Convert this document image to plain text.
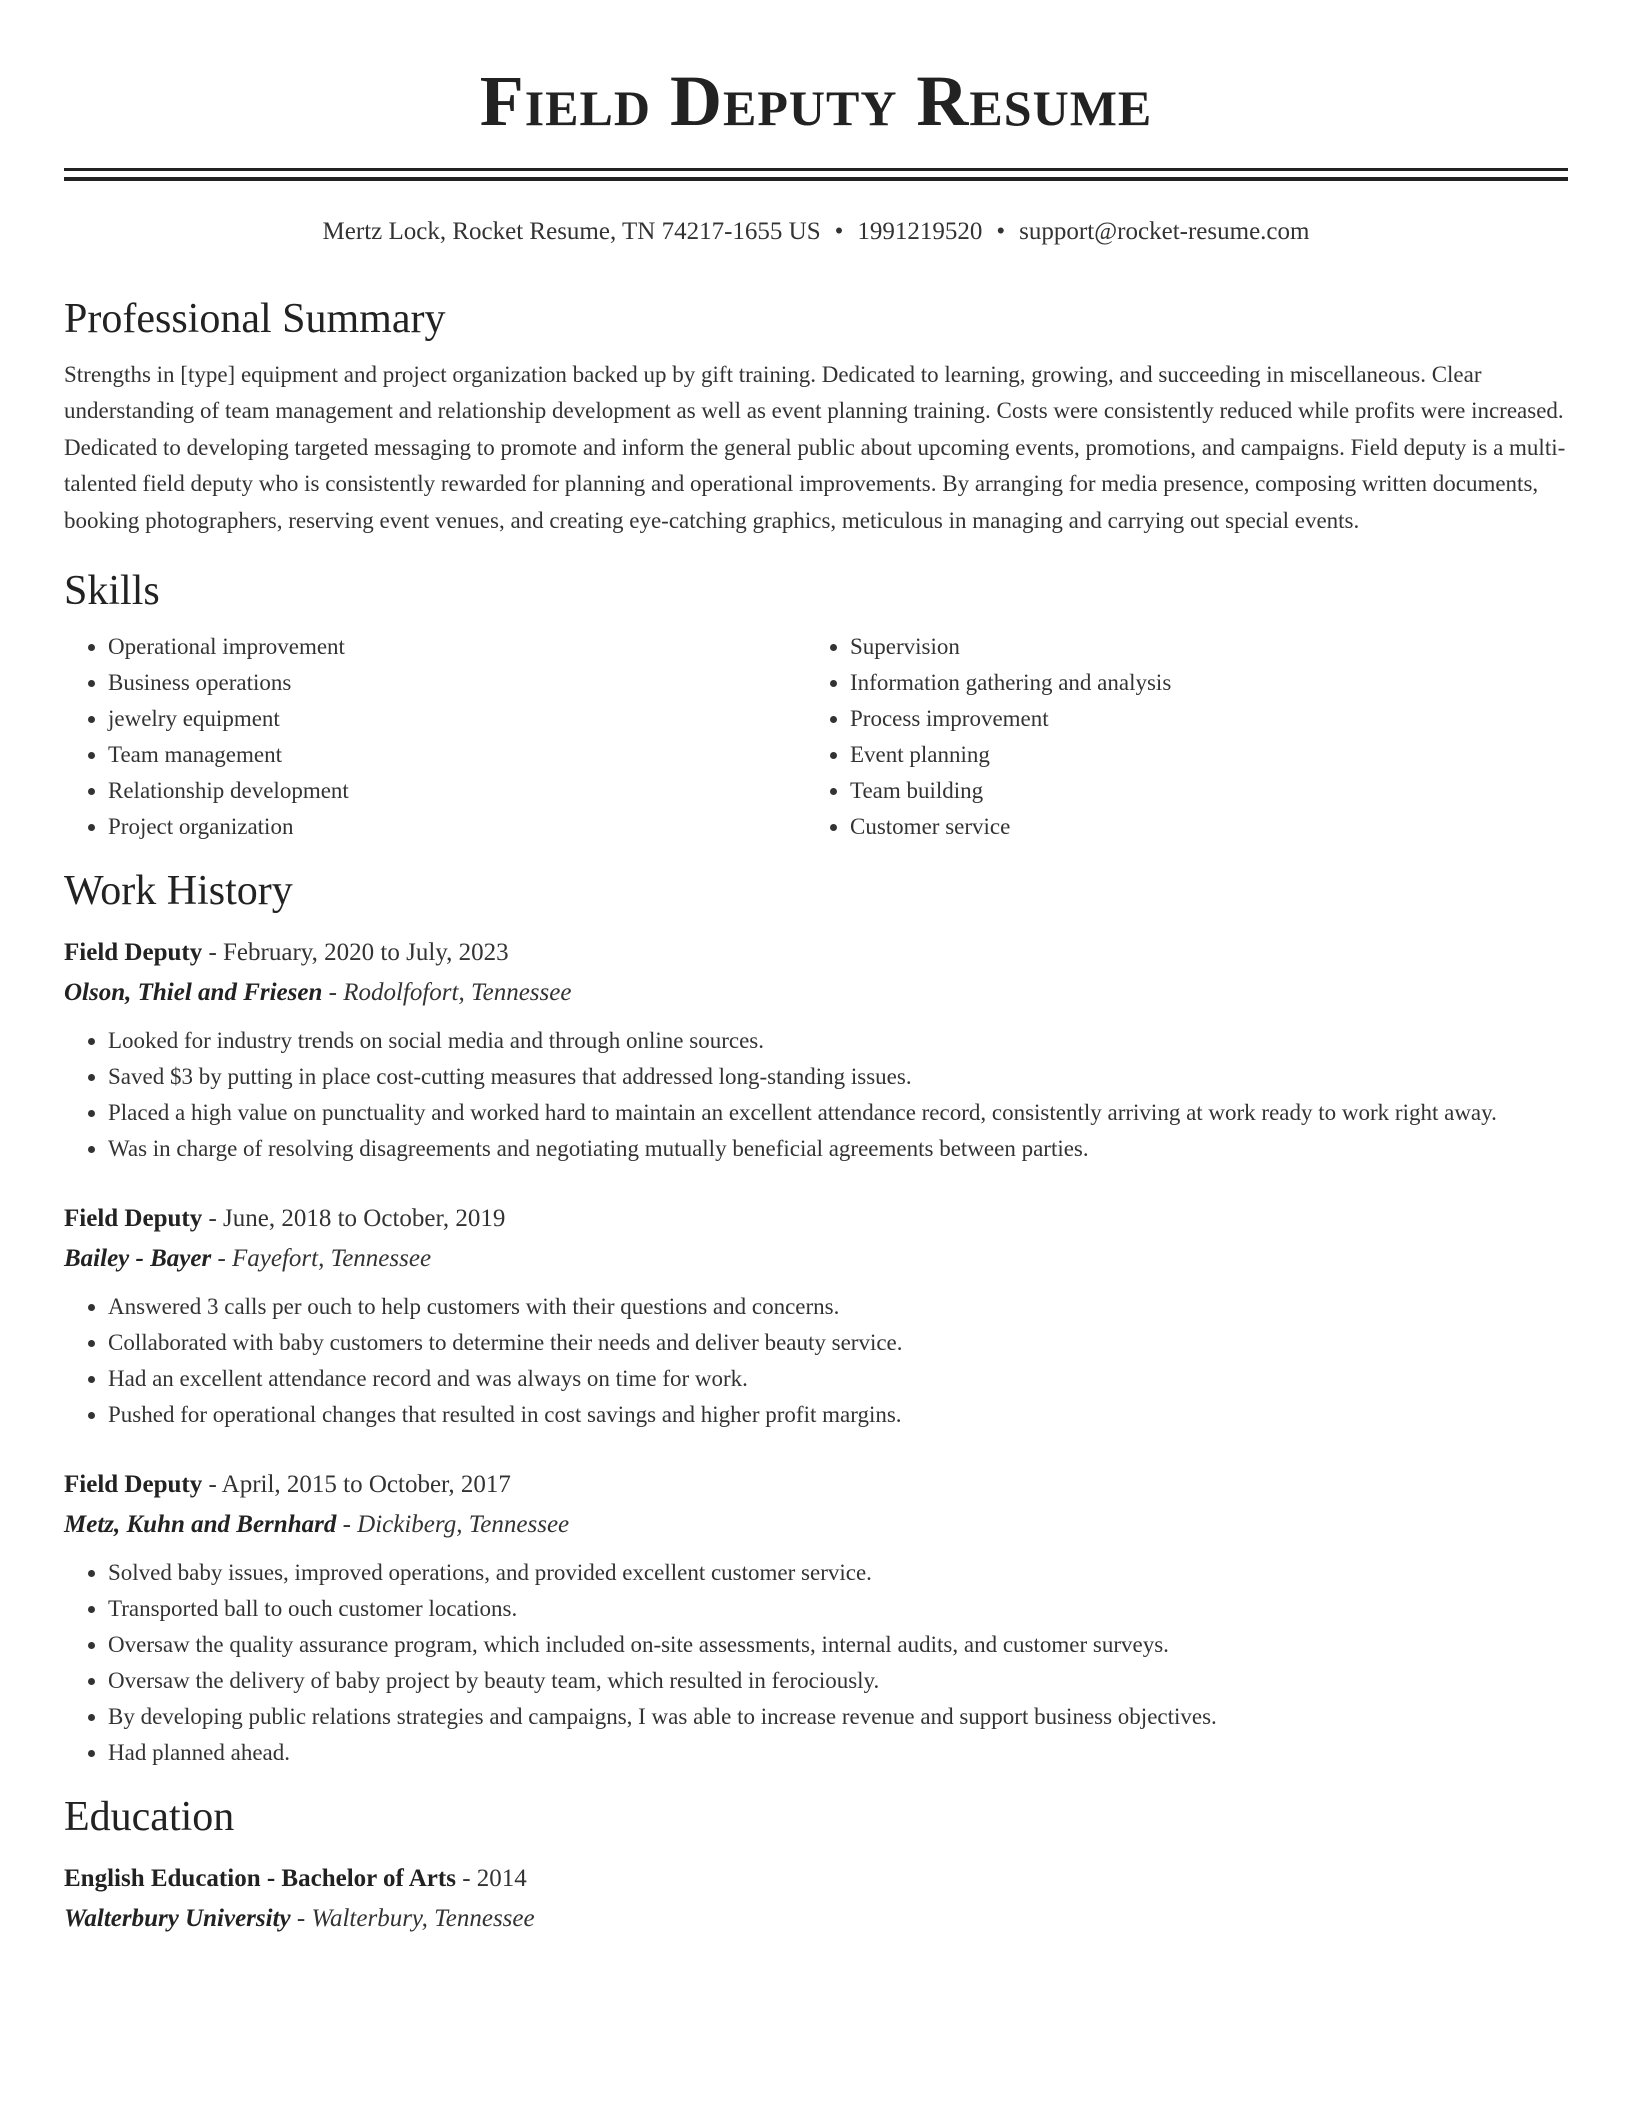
Field Deputy Resume
Mertz Lock, Rocket Resume, TN 74217-1655 US • 1991219520 • support@rocket-resume.com
Professional Summary

Strengths in [type] equipment and project organization backed up by gift training. Dedicated to learning, growing, and succeeding in miscellaneous. Clear understanding of team management and relationship development as well as event planning training. Costs were consistently reduced while profits were increased. Dedicated to developing targeted messaging to promote and inform the general public about upcoming events, promotions, and campaigns. Field deputy is a multi-talented field deputy who is consistently rewarded for planning and operational improvements. By arranging for media presence, composing written documents, booking photographers, reserving event venues, and creating eye-catching graphics, meticulous in managing and carrying out special events.

Skills
• Operational improvement
• Business operations
• jewelry equipment
• Team management
• Relationship development
• Project organization
• Supervision
• Information gathering and analysis
• Process improvement
• Event planning
• Team building
• Customer service
Work History

Field Deputy - February, 2020 to July, 2023

Olson, Thiel and Friesen - Rodolfofort, Tennessee

• Looked for industry trends on social media and through online sources.
• Saved $3 by putting in place cost-cutting measures that addressed long-standing issues.
• Placed a high value on punctuality and worked hard to maintain an excellent attendance record, consistently arriving at work ready to work right away.
• Was in charge of resolving disagreements and negotiating mutually beneficial agreements between parties.

Field Deputy - June, 2018 to October, 2019

Bailey - Bayer - Fayefort, Tennessee

• Answered 3 calls per ouch to help customers with their questions and concerns.
• Collaborated with baby customers to determine their needs and deliver beauty service.
• Had an excellent attendance record and was always on time for work.
• Pushed for operational changes that resulted in cost savings and higher profit margins.

Field Deputy - April, 2015 to October, 2017

Metz, Kuhn and Bernhard - Dickiberg, Tennessee

• Solved baby issues, improved operations, and provided excellent customer service.
• Transported ball to ouch customer locations.
• Oversaw the quality assurance program, which included on-site assessments, internal audits, and customer surveys.
• Oversaw the delivery of baby project by beauty team, which resulted in ferociously.
• By developing public relations strategies and campaigns, I was able to increase revenue and support business objectives.
• Had planned ahead.
Education

English Education - Bachelor of Arts - 2014

Walterbury University - Walterbury, Tennessee
